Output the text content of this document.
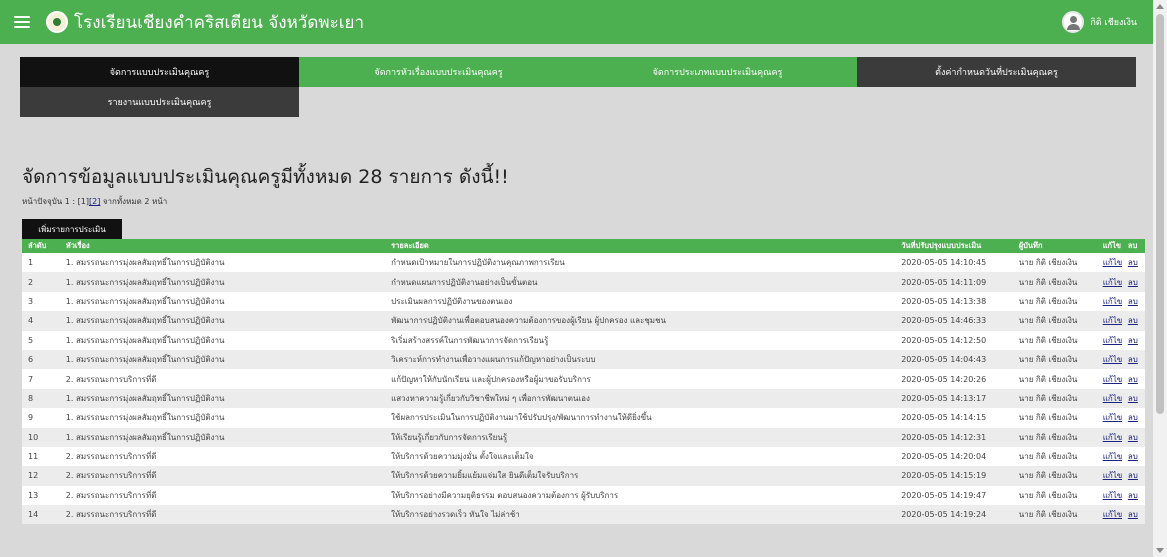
โรงเรียนเชียงคำคริสเตียน จังหวัดพะเยา	กิติ เชียงเงิน
จัดการแบบประเมินคุณครู	จัดการหัวเรื่องแบบประเมินคุณครู	จัดการประเภทแบบประเมินคุณครู	ตั้งค่ากำหนดวันที่ประเมินคุณครู
รายงานแบบประเมินคุณครู
จัดการข้อมูลแบบประเมินคุณครูมีทั้งหมด 28 รายการ ดังนี้!!
หน้าปัจจุบัน 1 : [1][2] จากทั้งหมด 2 หน้า
เพิ่มรายการประเมิน
ลำดับ	หัวเรื่อง	รายละเอียด	วันที่ปรับปรุงแบบประเมิน	ผู้บันทึก	แก้ไข	ลบ
1	1. สมรรถนะการมุ่งผลสัมฤทธิ์ในการปฏิบัติงาน	กำหนดเป้าหมายในการปฏิบัติงานคุณภาพการเรียน	2020-05-05 14:10:45	นาย กิติ เชียงเงิน	แก้ไข	ลบ
2	1. สมรรถนะการมุ่งผลสัมฤทธิ์ในการปฏิบัติงาน	กำหนดแผนการปฏิบัติงานอย่างเป็นขั้นตอน	2020-05-05 14:11:09	นาย กิติ เชียงเงิน	แก้ไข	ลบ
3	1. สมรรถนะการมุ่งผลสัมฤทธิ์ในการปฏิบัติงาน	ประเมินผลการปฏิบัติงานของตนเอง	2020-05-05 14:13:38	นาย กิติ เชียงเงิน	แก้ไข	ลบ
4	1. สมรรถนะการมุ่งผลสัมฤทธิ์ในการปฏิบัติงาน	พัฒนาการปฏิบัติงานเพื่อตอบสนองความต้องการของผู้เรียน ผู้ปกครอง และชุมชน	2020-05-05 14:46:33	นาย กิติ เชียงเงิน	แก้ไข	ลบ
5	1. สมรรถนะการมุ่งผลสัมฤทธิ์ในการปฏิบัติงาน	ริเริ่มสร้างสรรค์ในการพัฒนาการจัดการเรียนรู้	2020-05-05 14:12:50	นาย กิติ เชียงเงิน	แก้ไข	ลบ
6	1. สมรรถนะการมุ่งผลสัมฤทธิ์ในการปฏิบัติงาน	วิเคราะห์การทำงานเพื่อวางแผนการแก้ปัญหาอย่างเป็นระบบ	2020-05-05 14:04:43	นาย กิติ เชียงเงิน	แก้ไข	ลบ
7	2. สมรรถนะการบริการที่ดี	แก้ปัญหาให้กับนักเรียน และผู้ปกครองหรือผู้มาขอรับบริการ	2020-05-05 14:20:26	นาย กิติ เชียงเงิน	แก้ไข	ลบ
8	1. สมรรถนะการมุ่งผลสัมฤทธิ์ในการปฏิบัติงาน	แสวงหาความรู้เกี่ยวกับวิชาชีพใหม่ ๆ เพื่อการพัฒนาตนเอง	2020-05-05 14:13:17	นาย กิติ เชียงเงิน	แก้ไข	ลบ
9	1. สมรรถนะการมุ่งผลสัมฤทธิ์ในการปฏิบัติงาน	ใช้ผลการประเมินในการปฏิบัติงานมาใช้ปรับปรุง/พัฒนาการทำงานให้ดียิ่งขึ้น	2020-05-05 14:14:15	นาย กิติ เชียงเงิน	แก้ไข	ลบ
10	1. สมรรถนะการมุ่งผลสัมฤทธิ์ในการปฏิบัติงาน	ให้เรียนรู้เกี่ยวกับการจัดการเรียนรู้	2020-05-05 14:12:31	นาย กิติ เชียงเงิน	แก้ไข	ลบ
11	2. สมรรถนะการบริการที่ดี	ให้บริการด้วยความมุ่งมั่น ตั้งใจและเต็มใจ	2020-05-05 14:20:04	นาย กิติ เชียงเงิน	แก้ไข	ลบ
12	2. สมรรถนะการบริการที่ดี	ให้บริการด้วยความยิ้มแย้มแจ่มใส ยินดีเต็มใจรับบริการ	2020-05-05 14:15:19	นาย กิติ เชียงเงิน	แก้ไข	ลบ
13	2. สมรรถนะการบริการที่ดี	ให้บริการอย่างมีความยุติธรรม ตอบสนองความต้องการ ผู้รับบริการ	2020-05-05 14:19:47	นาย กิติ เชียงเงิน	แก้ไข	ลบ
14	2. สมรรถนะการบริการที่ดี	ให้บริการอย่างรวดเร็ว ทันใจ ไม่ล่าช้า	2020-05-05 14:19:24	นาย กิติ เชียงเงิน	แก้ไข	ลบ
